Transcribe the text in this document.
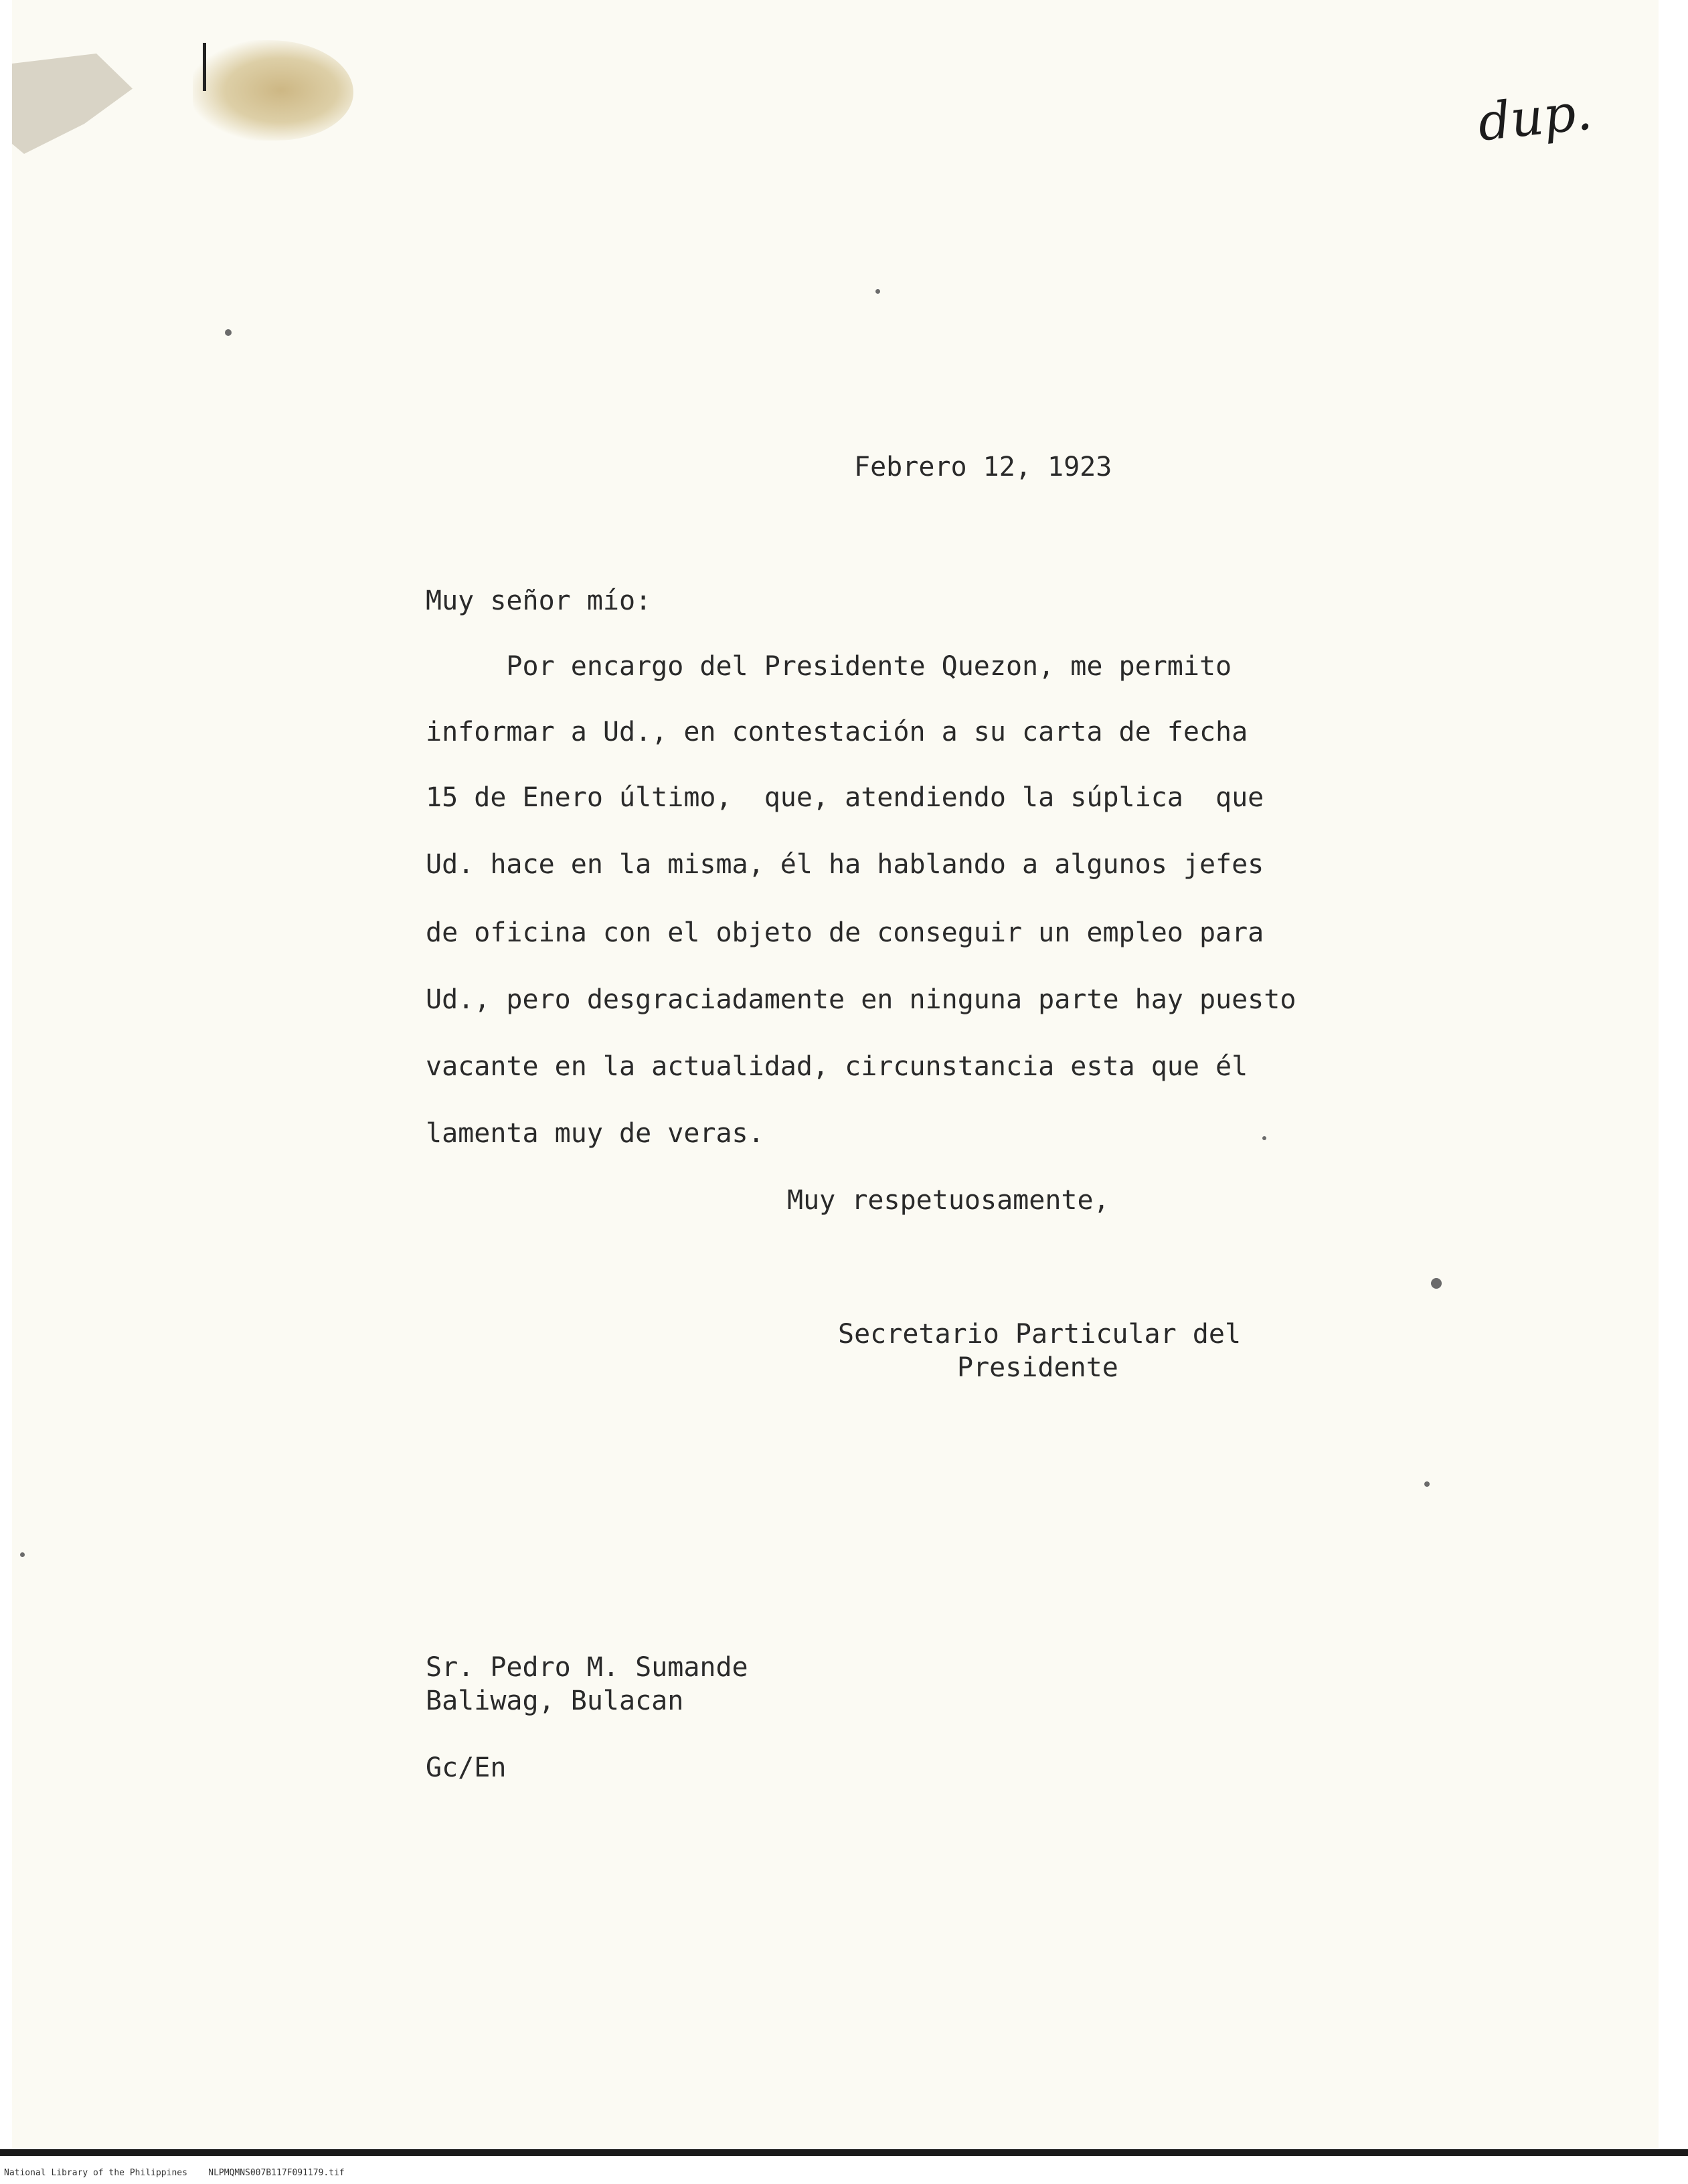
dup.

Febrero 12, 1923

Muy señor mío:

Por encargo del Presidente Quezon, me permito

informar a Ud., en contestación a su carta de fecha

15 de Enero último,  que, atendiendo la súplica  que

Ud. hace en la misma, él ha hablando a algunos jefes

de oficina con el objeto de conseguir un empleo para

Ud., pero desgraciadamente en ninguna parte hay puesto

vacante en la actualidad, circunstancia esta que él

lamenta muy de veras.

Muy respetuosamente,

Secretario Particular del

Presidente

Sr. Pedro M. Sumande

Baliwag, Bulacan

Gc/En

National Library of the Philippines    NLPMQMNS007B117F091179.tif
